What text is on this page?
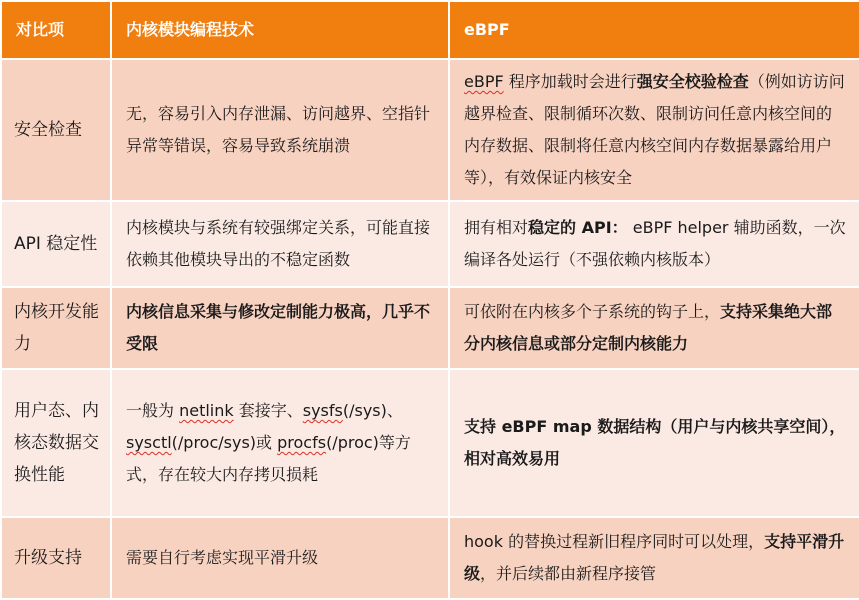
对比项	内核模块编程技术	eBPF
安全检查	无，容易引入内存泄漏、访问越界、空指针异常等错误，容易导致系统崩溃	eBPF 程序加载时会进行强安全校验检查（例如访访问越界检查、限制循环次数、限制访问任意内核空间的内存数据、限制将任意内核空间内存数据暴露给用户等），有效保证内核安全
API 稳定性	内核模块与系统有较强绑定关系，可能直接依赖其他模块导出的不稳定函数	拥有相对稳定的 API： eBPF helper 辅助函数，一次编译各处运行（不强依赖内核版本）
内核开发能力	内核信息采集与修改定制能力极高，几乎不受限	可依附在内核多个子系统的钩子上，支持采集绝大部分内核信息或部分定制内核能力
用户态、内核态数据交换性能	一般为 netlink 套接字、sysfs(/sys)、sysctl(/proc/sys)或 procfs(/proc)等方式，存在较大内存拷贝损耗	支持 eBPF map 数据结构（用户与内核共享空间），相对高效易用
升级支持	需要自行考虑实现平滑升级	hook 的替换过程新旧程序同时可以处理，支持平滑升级，并后续都由新程序接管
